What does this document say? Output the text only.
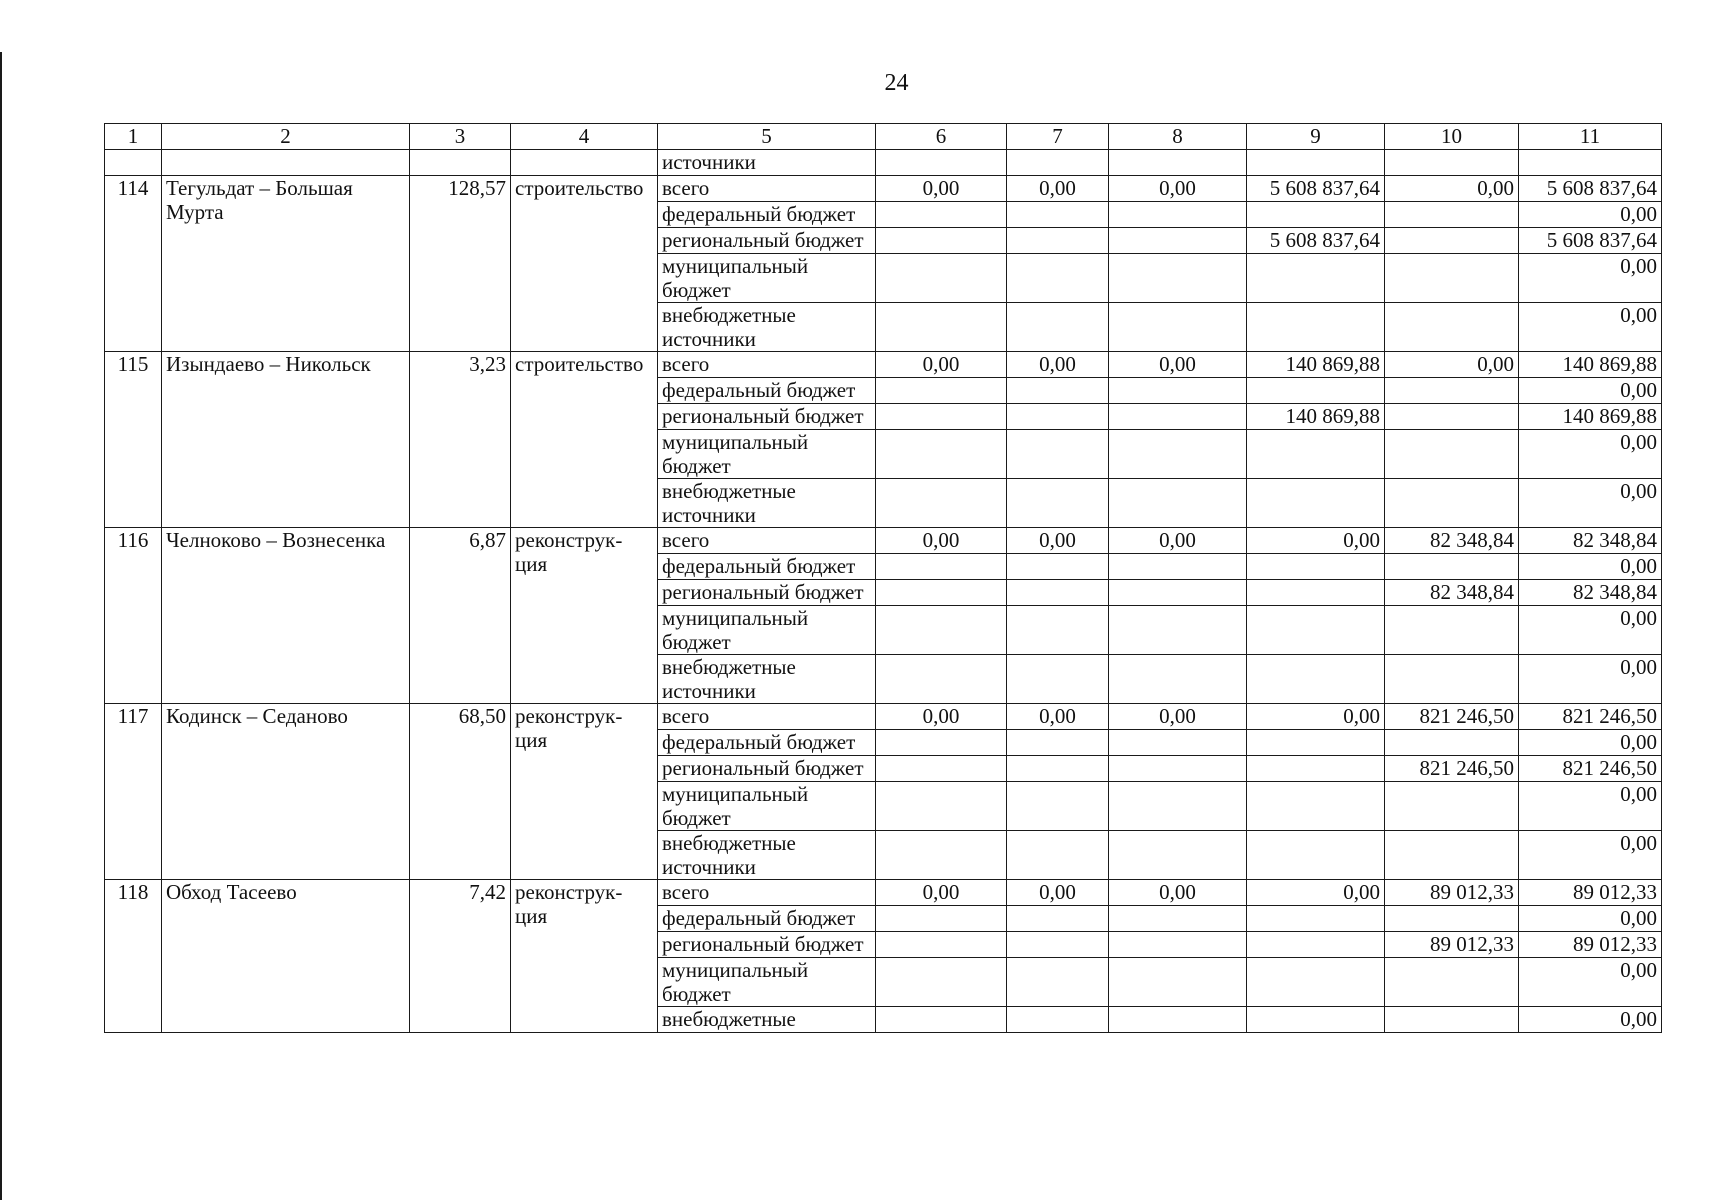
24
1	2	3	4	5	6	7	8	9	10	11
				источники						
114	Тегульдат – Большая Мурта	128,57	строительство	всего	0,00	0,00	0,00	5 608 837,64	0,00	5 608 837,64
				федеральный бюджет						0,00
				региональный бюджет				5 608 837,64		5 608 837,64
				муниципальный бюджет						0,00
				внебюджетные источники						0,00
115	Изындаево – Никольск	3,23	строительство	всего	0,00	0,00	0,00	140 869,88	0,00	140 869,88
				федеральный бюджет						0,00
				региональный бюджет				140 869,88		140 869,88
				муниципальный бюджет						0,00
				внебюджетные источники						0,00
116	Челноково – Вознесенка	6,87	реконструк-ция	всего	0,00	0,00	0,00	0,00	82 348,84	82 348,84
				федеральный бюджет						0,00
				региональный бюджет					82 348,84	82 348,84
				муниципальный бюджет						0,00
				внебюджетные источники						0,00
117	Кодинск – Седаново	68,50	реконструк-ция	всего	0,00	0,00	0,00	0,00	821 246,50	821 246,50
				федеральный бюджет						0,00
				региональный бюджет					821 246,50	821 246,50
				муниципальный бюджет						0,00
				внебюджетные источники						0,00
118	Обход Тасеево	7,42	реконструк-ция	всего	0,00	0,00	0,00	0,00	89 012,33	89 012,33
				федеральный бюджет						0,00
				региональный бюджет					89 012,33	89 012,33
				муниципальный бюджет						0,00
				внебюджетные						0,00
